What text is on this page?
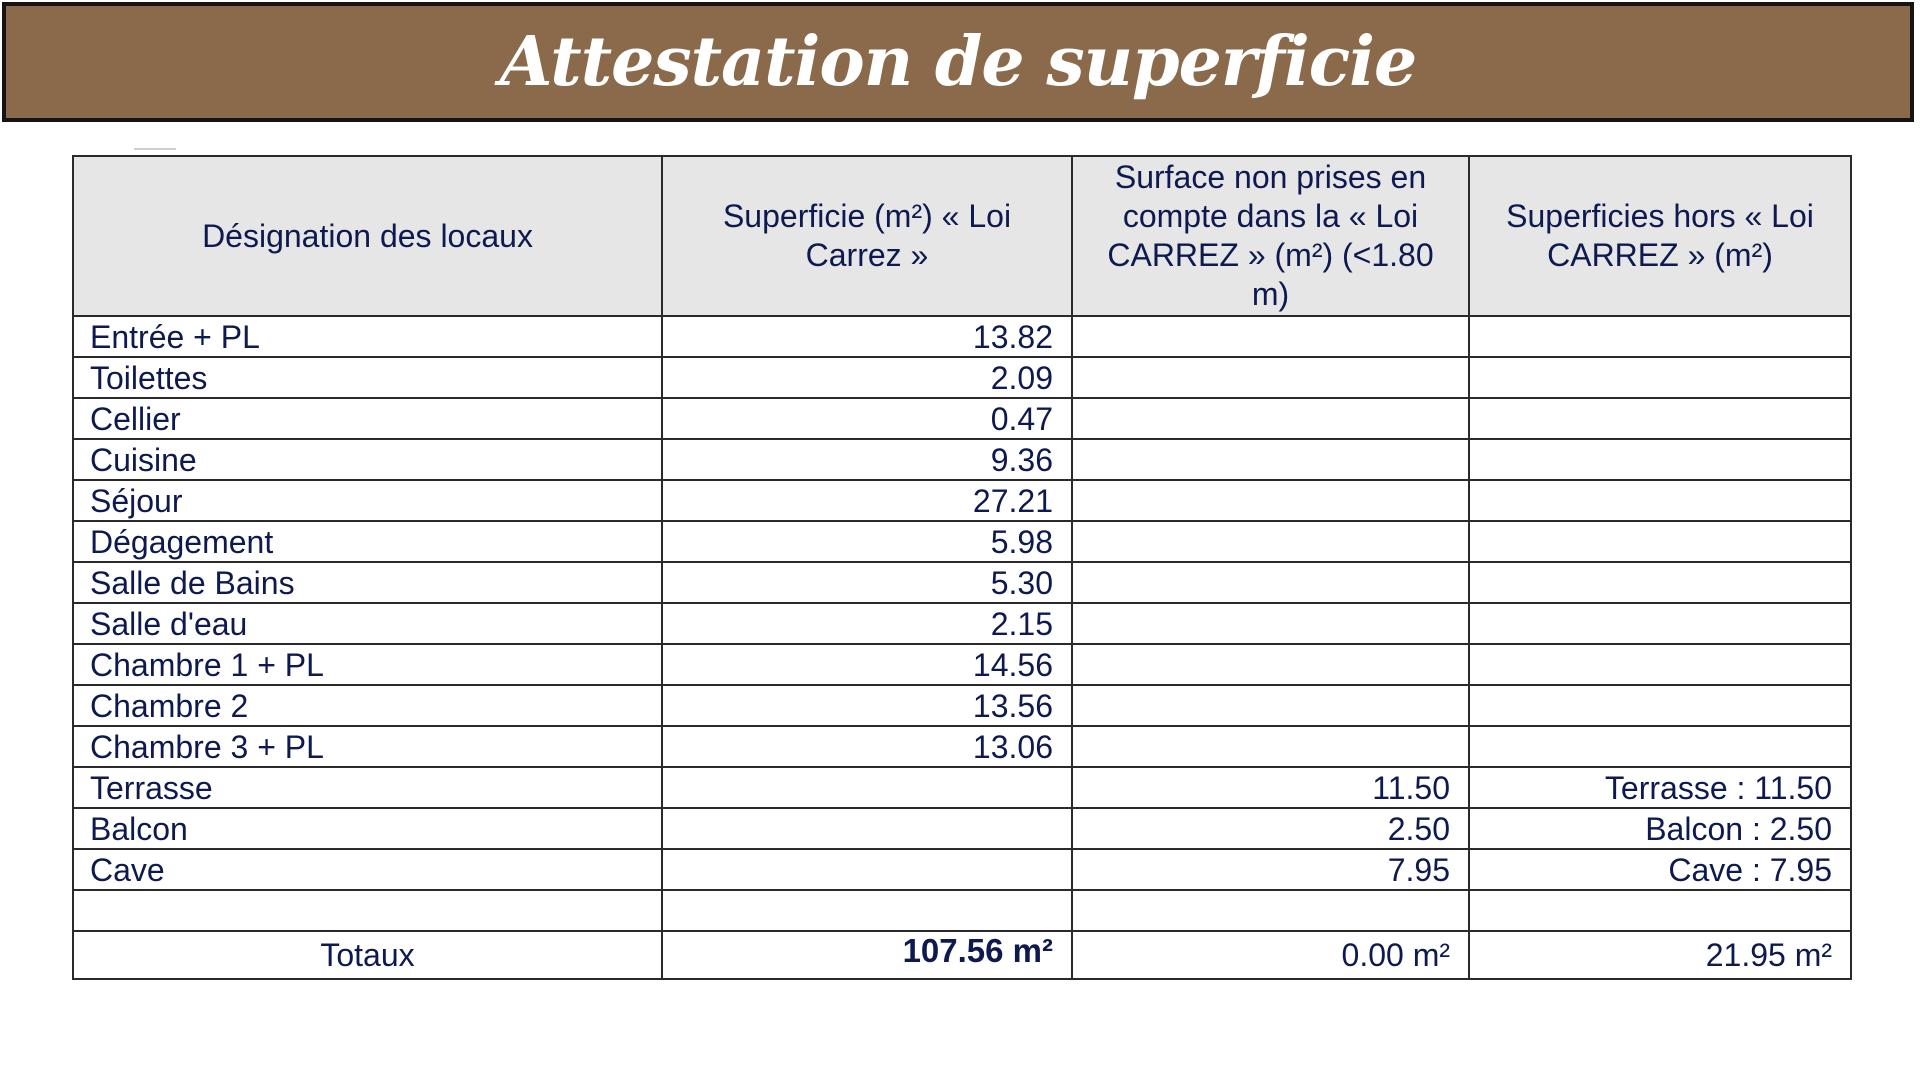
Attestation de superficie
Désignation des locaux	Superficie (m²) « Loi Carrez »	Surface non prises en compte dans la « Loi CARREZ » (m²) (<1.80 m)	Superficies hors « Loi CARREZ » (m²)
Entrée + PL	13.82		
Toilettes	2.09		
Cellier	0.47		
Cuisine	9.36		
Séjour	27.21		
Dégagement	5.98		
Salle de Bains	5.30		
Salle d'eau	2.15		
Chambre 1 + PL	14.56		
Chambre 2	13.56		
Chambre 3 + PL	13.06		
Terrasse		11.50	Terrasse : 11.50
Balcon		2.50	Balcon : 2.50
Cave		7.95	Cave : 7.95

Totaux	107.56 m²	0.00 m²	21.95 m²
